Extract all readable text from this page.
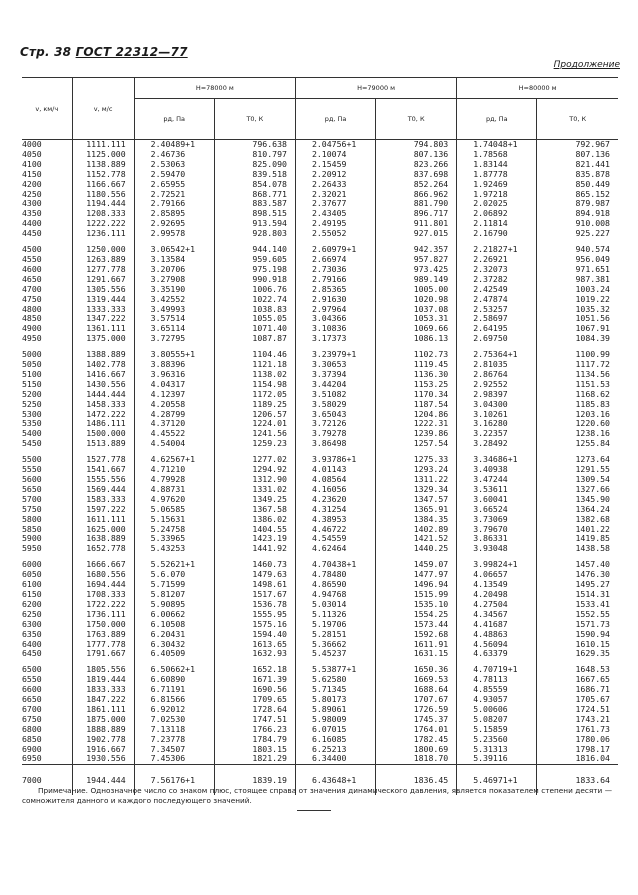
Стр. 38 ГОСТ 22312—77
Продолжение
v, км/ч	v, м/с	H=78000 м		H=79000 м		H=80000 м	
		pд, Па	T0, К	pд, Па	T0, К	pд, Па	T0, К
4000	1111.111	2.40489+1	796.638	2.04756+1	794.803	1.74048+1	792.967
4050	1125.000	2.46736	810.797	2.10074	807.136	1.78568	807.136
4100	1138.889	2.53063	825.090	2.15459	823.266	1.83144	821.441
4150	1152.778	2.59470	839.518	2.20912	837.698	1.87778	835.878
4200	1166.667	2.65955	854.078	2.26433	852.264	1.92469	850.449
4250	1180.556	2.72521	868.771	2.32021	866.962	1.97218	865.152
4300	1194.444	2.79166	883.587	2.37677	881.790	2.02025	879.987
4350	1208.333	2.85895	898.515	2.43405	896.717	2.06892	894.918
4400	1222.222	2.92695	913.594	2.49195	911.801	2.11814	910.008
4450	1236.111	2.99578	928.803	2.55052	927.015	2.16790	925.227

4500	1250.000	3.06542+1	944.140	2.60979+1	942.357	2.21827+1	940.574
4550	1263.889	3.13584	959.605	2.66974	957.827	2.26921	956.049
4600	1277.778	3.20706	975.198	2.73036	973.425	2.32073	971.651
4650	1291.667	3.27908	990.918	2.79166	989.149	2.37282	987.381
4700	1305.556	3.35190	1006.76	2.85365	1005.00	2.42549	1003.24
4750	1319.444	3.42552	1022.74	2.91630	1020.98	2.47874	1019.22
4800	1333.333	3.49993	1038.83	2.97964	1037.08	2.53257	1035.32
4850	1347.222	3.57514	1055.05	3.04366	1053.31	2.58697	1051.56
4900	1361.111	3.65114	1071.40	3.10836	1069.66	2.64195	1067.91
4950	1375.000	3.72795	1087.87	3.17373	1086.13	2.69750	1084.39

5000	1388.889	3.80555+1	1104.46	3.23979+1	1102.73	2.75364+1	1100.99
5050	1402.778	3.88396	1121.18	3.30653	1119.45	2.81035	1117.72
5100	1416.667	3.96316	1138.02	3.37394	1136.30	2.86764	1134.56
5150	1430.556	4.04317	1154.98	3.44204	1153.25	2.92552	1151.53
5200	1444.444	4.12397	1172.05	3.51082	1170.34	2.98397	1168.62
5250	1458.333	4.20558	1189.25	3.58029	1187.54	3.04300	1185.83
5300	1472.222	4.28799	1206.57	3.65043	1204.86	3.10261	1203.16
5350	1486.111	4.37120	1224.01	3.72126	1222.31	3.16280	1220.60
5400	1500.000	4.45522	1241.56	3.79278	1239.86	3.22357	1238.16
5450	1513.889	4.54004	1259.23	3.86498	1257.54	3.28492	1255.84

5500	1527.778	4.62567+1	1277.02	3.93786+1	1275.33	3.34686+1	1273.64
5550	1541.667	4.71210	1294.92	4.01143	1293.24	3.40938	1291.55
5600	1555.556	4.79928	1312.90	4.08564	1311.22	3.47244	1309.54
5650	1569.444	4.88731	1331.02	4.16056	1329.34	3.53611	1327.66
5700	1583.333	4.97620	1349.25	4.23620	1347.57	3.60041	1345.90
5750	1597.222	5.06585	1367.58	4.31254	1365.91	3.66524	1364.24
5800	1611.111	5.15631	1386.02	4.38953	1384.35	3.73069	1382.68
5850	1625.000	5.24758	1404.55	4.46722	1402.89	3.79670	1401.22
5900	1638.889	5.33965	1423.19	4.54559	1421.52	3.86331	1419.85
5950	1652.778	5.43253	1441.92	4.62464	1440.25	3.93048	1438.58

6000	1666.667	5.52621+1	1460.73	4.70438+1	1459.07	3.99824+1	1457.40
6050	1680.556	5.6.070	1479.63	4.78480	1477.97	4.06657	1476.30
6100	1694.444	5.71599	1498.61	4.86590	1496.94	4.13549	1495.27
6150	1708.333	5.81207	1517.67	4.94768	1515.99	4.20498	1514.31
6200	1722.222	5.90895	1536.78	5.03014	1535.10	4.27504	1533.41
6250	1736.111	6.00662	1555.95	5.11326	1554.25	4.34567	1552.55
6300	1750.000	6.10508	1575.16	5.19706	1573.44	4.41687	1571.73
6350	1763.889	6.20431	1594.40	5.28151	1592.68	4.48863	1590.94
6400	1777.778	6.30432	1613.65	5.36662	1611.91	4.56094	1610.15
6450	1791.667	6.40509	1632.93	5.45237	1631.15	4.63379	1629.35

6500	1805.556	6.50662+1	1652.18	5.53877+1	1650.36	4.70719+1	1648.53
6550	1819.444	6.60890	1671.39	5.62580	1669.53	4.78113	1667.65
6600	1833.333	6.71191	1690.56	5.71345	1688.64	4.85559	1686.71
6650	1847.222	6.81566	1709.65	5.80173	1707.67	4.93057	1705.67
6700	1861.111	6.92012	1728.64	5.89061	1726.59	5.00606	1724.51
6750	1875.000	7.02530	1747.51	5.98009	1745.37	5.08207	1743.21
6800	1888.889	7.13118	1766.23	6.07015	1764.01	5.15859	1761.73
6850	1902.778	7.23778	1784.79	6.16085	1782.45	5.23560	1780.06
6900	1916.667	7.34507	1803.15	6.25213	1800.69	5.31313	1798.17
6950	1930.556	7.45306	1821.29	6.34400	1818.70	5.39116	1816.04
7000	1944.444	7.56176+1	1839.19	6.43648+1	1836.45	5.46971+1	1833.64
Примечание. Однозначное число со знаком плюс, стоящее справа от значения динамического давления, является показателем степени десяти — сомножителя данного и каждого последующего значений.
